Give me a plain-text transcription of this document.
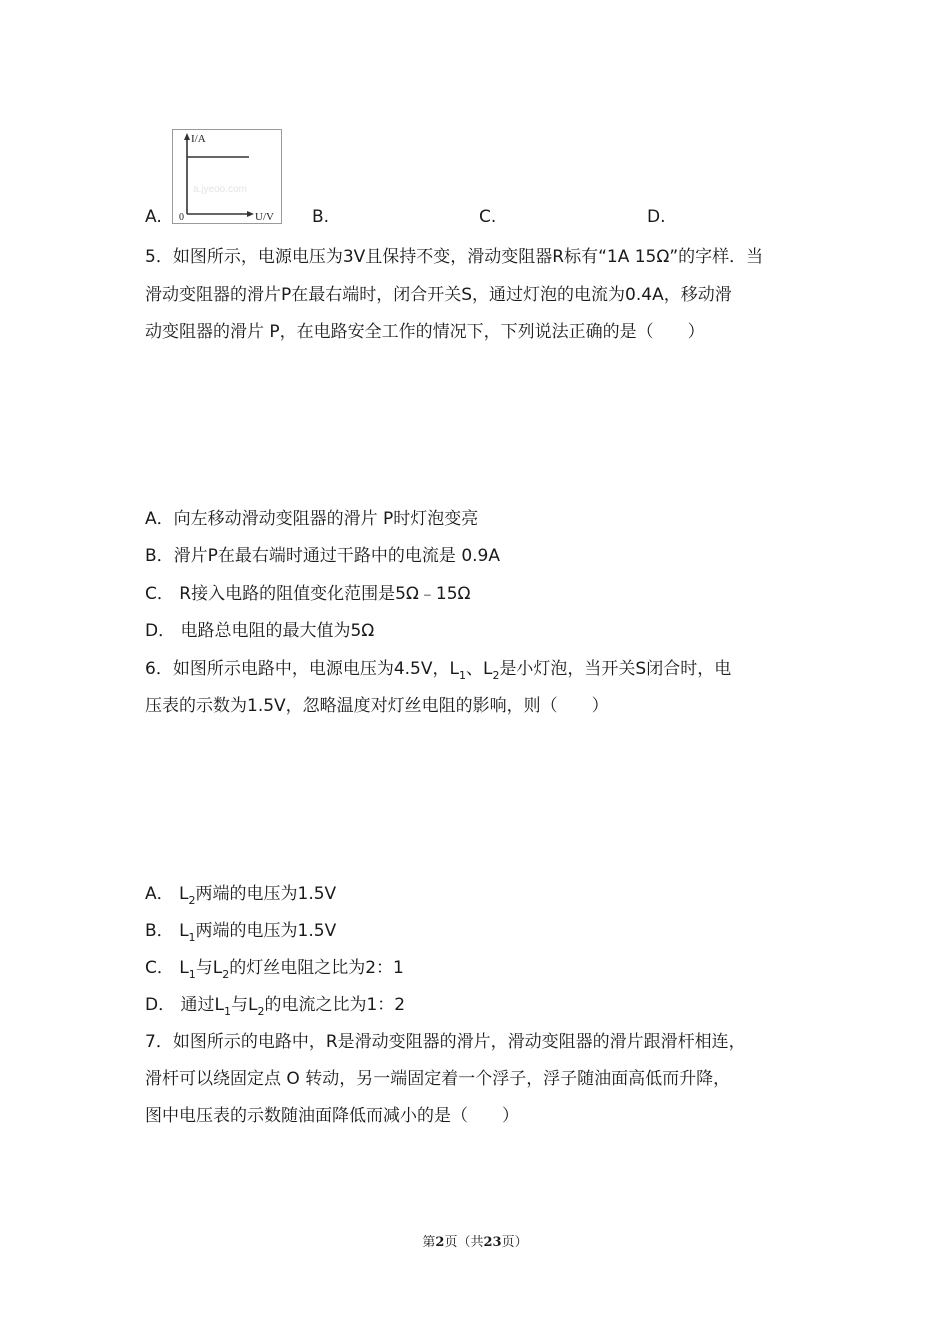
A.
I/A
U/V
0
a.jyeoo.com
B.	C.	D.
5．如图所示，电源电压为3V且保持不变，滑动变阻器R标有“1A 15Ω”的字样．当
滑动变阻器的滑片P在最右端时，闭合开关S，通过灯泡的电流为0.4A，移动滑
动变阻器的滑片 P，在电路安全工作的情况下，下列说法正确的是（　　）
A．向左移动滑动变阻器的滑片 P时灯泡变亮
B．滑片P在最右端时通过干路中的电流是 0.9A
C． R接入电路的阻值变化范围是5Ω﹣15Ω
D． 电路总电阻的最大值为5Ω
6．如图所示电路中，电源电压为4.5V，$L_1$、$L_2$是小灯泡，当开关S闭合时，电
压表的示数为1.5V，忽略温度对灯丝电阻的影响，则（　　）
A． $L_2$两端的电压为1.5V
B． $L_1$两端的电压为1.5V
C． $L_1$与$L_2$的灯丝电阻之比为2：1
D． 通过$L_1$与$L_2$的电流之比为1：2
7．如图所示的电路中，R是滑动变阻器的滑片，滑动变阻器的滑片跟滑杆相连，
滑杆可以绕固定点 O 转动，另一端固定着一个浮子，浮子随油面高低而升降，
图中电压表的示数随油面降低而减小的是（　　）
第2页（共23页）
